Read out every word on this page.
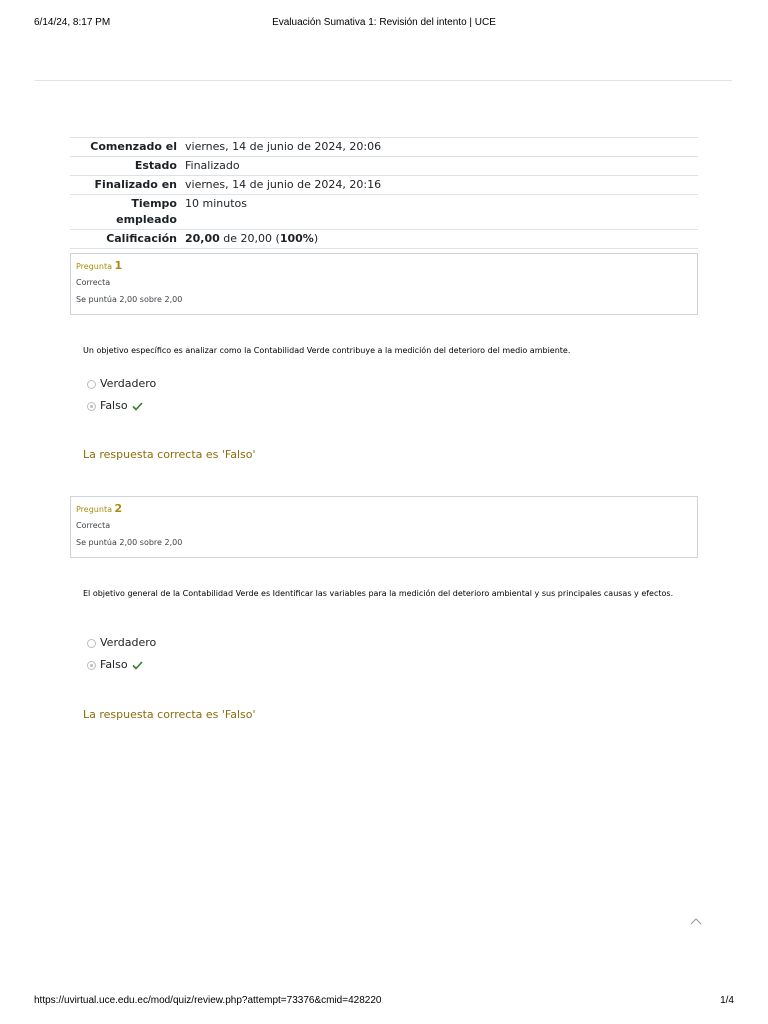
6/14/24, 8:17 PM	Evaluación Sumativa 1: Revisión del intento | UCE
Comenzado el	viernes, 14 de junio de 2024, 20:06
Estado	Finalizado
Finalizado en	viernes, 14 de junio de 2024, 20:16
Tiempo empleado	10 minutos
Calificación	20,00 de 20,00 (100%)
Pregunta 1
Correcta
Se puntúa 2,00 sobre 2,00
Un objetivo específico es analizar como la Contabilidad Verde contribuye a la medición del deterioro del medio ambiente.
Verdadero
Falso
La respuesta correcta es 'Falso'
Pregunta 2
Correcta
Se puntúa 2,00 sobre 2,00
El objetivo general de la Contabilidad Verde es Identificar las variables para la medición del deterioro ambiental y sus principales causas y efectos.
Verdadero
Falso
La respuesta correcta es 'Falso'
https://uvirtual.uce.edu.ec/mod/quiz/review.php?attempt=73376&cmid=428220	1/4
